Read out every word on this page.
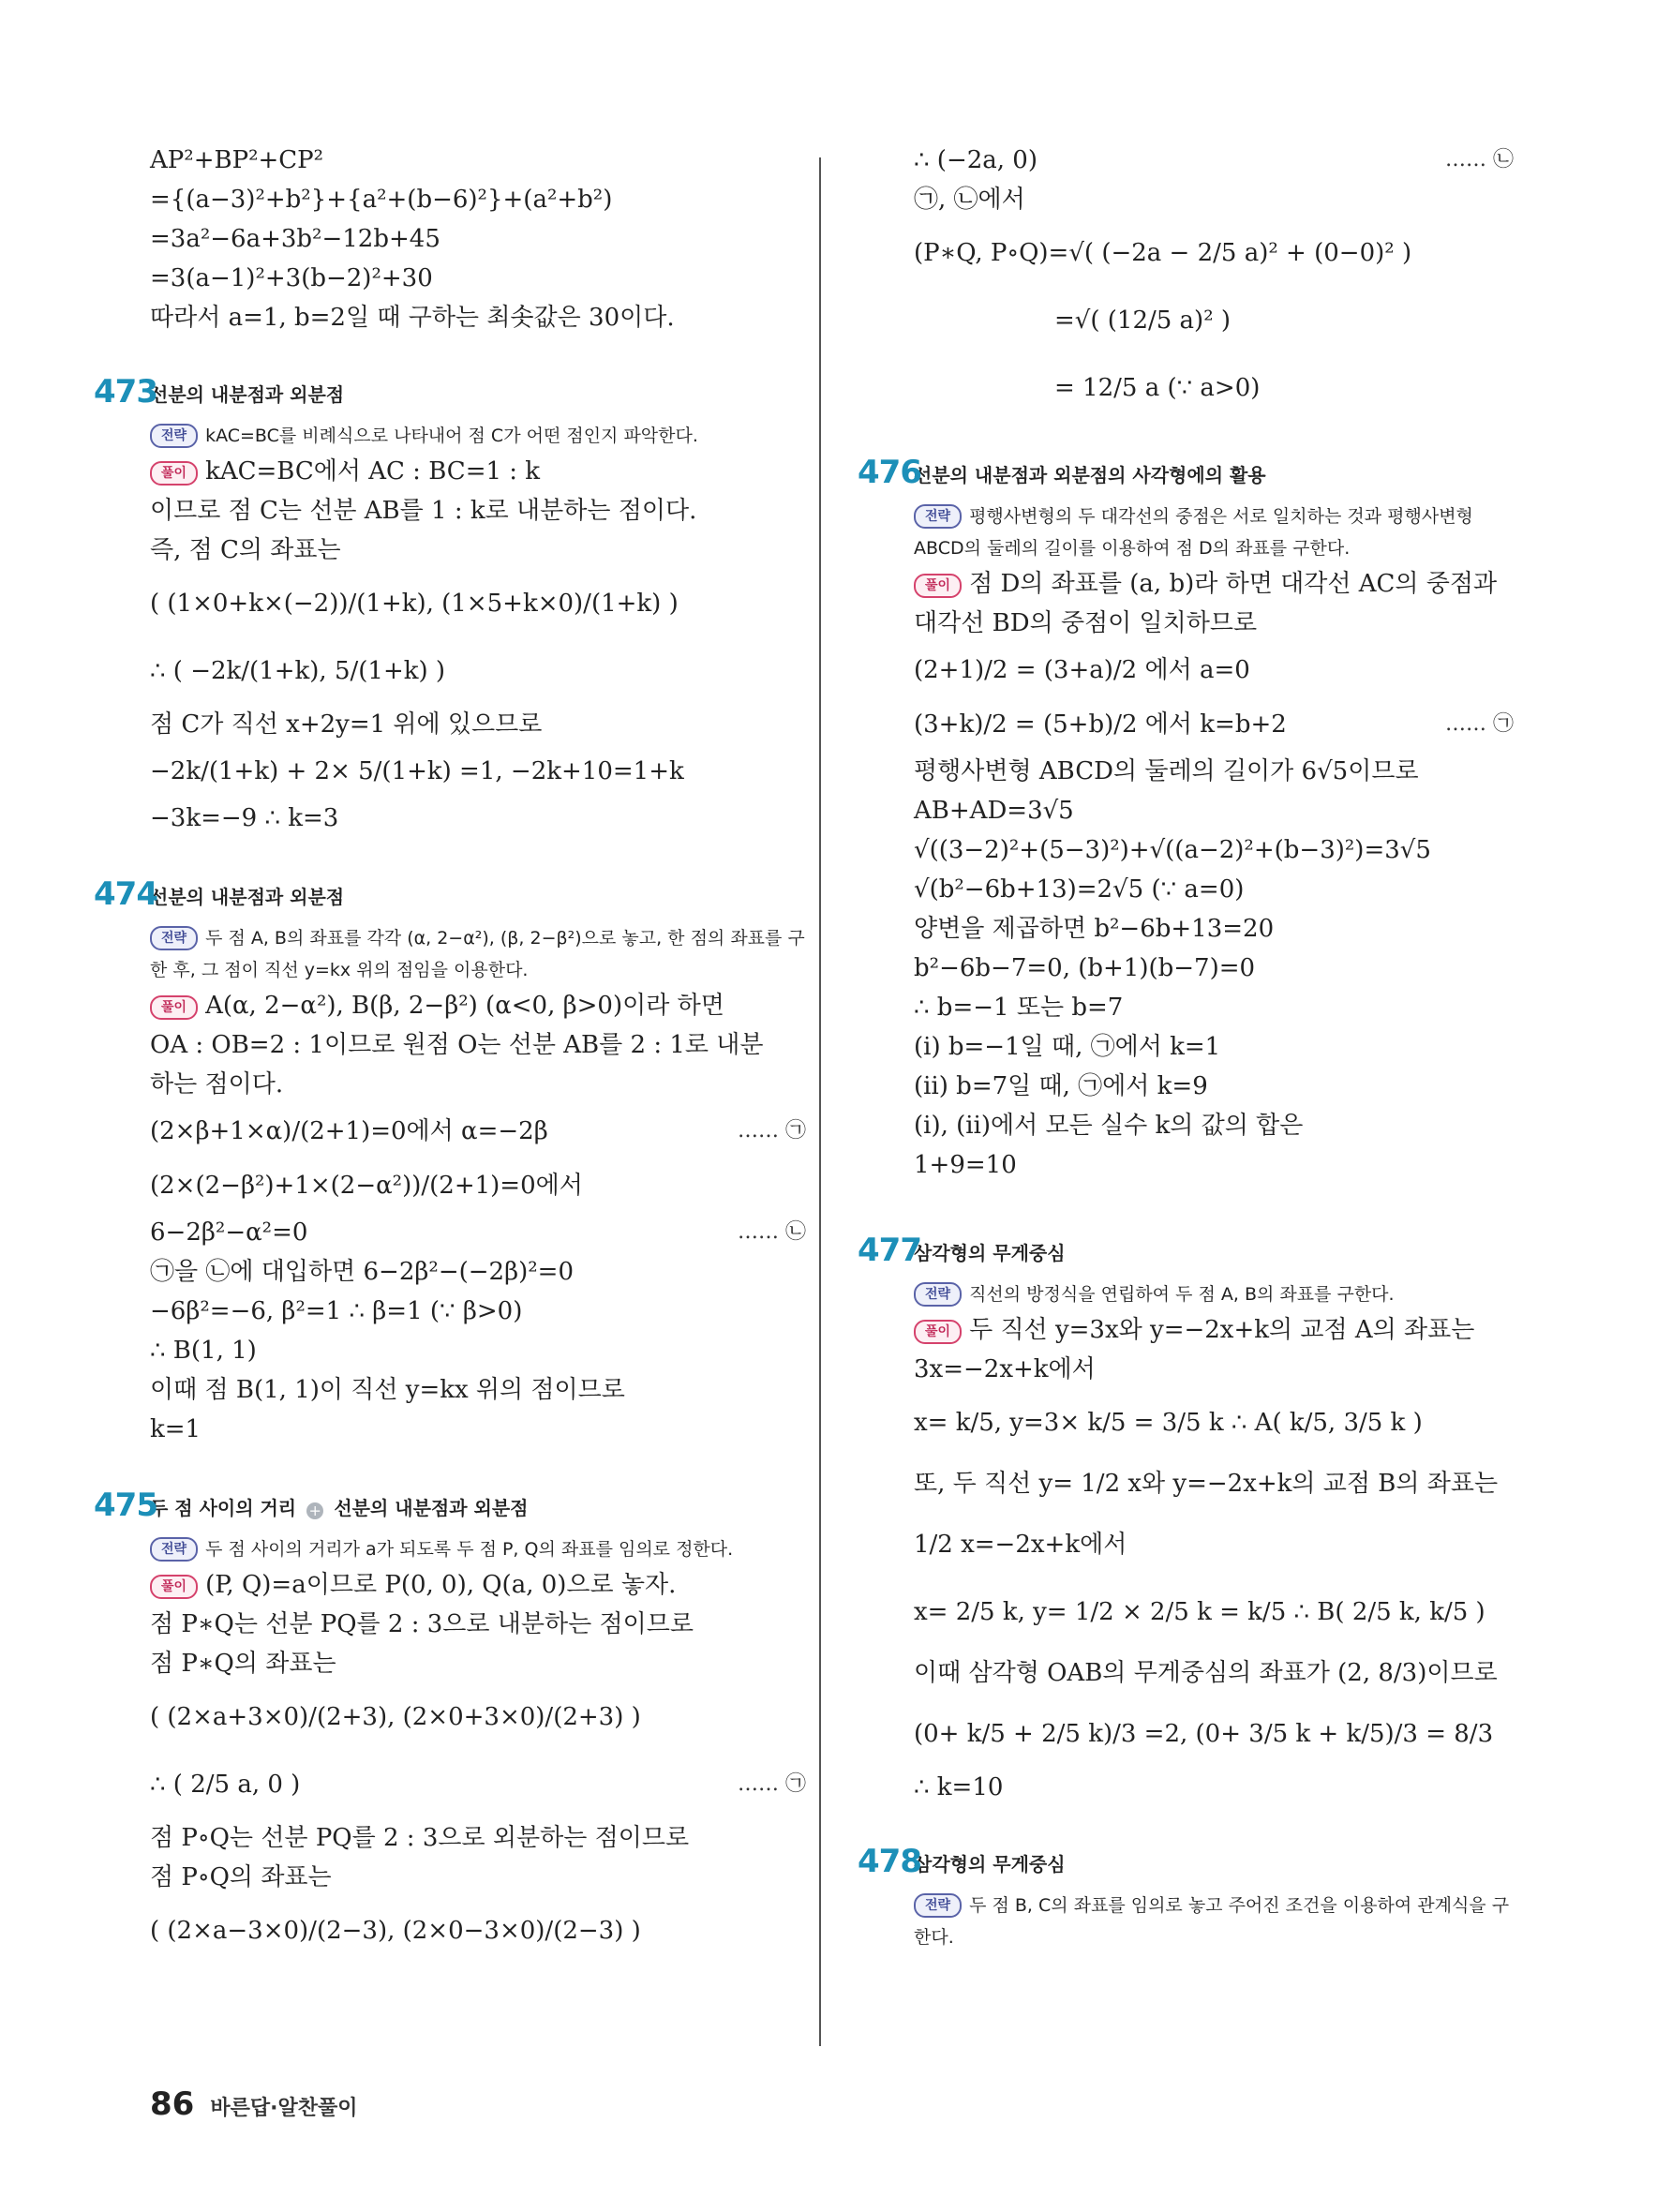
AP²+BP²+CP²
={(a−3)²+b²}+{a²+(b−6)²}+(a²+b²)
=3a²−6a+3b²−12b+45
=3(a−1)²+3(b−2)²+30
따라서 a=1, b=2일 때 구하는 최솟값은 30이다.
473
선분의 내분점과 외분점
전략 kAC=BC를 비례식으로 나타내어 점 C가 어떤 점인지 파악한다.
풀이 kAC=BC에서 AC : BC=1 : k
이므로 점 C는 선분 AB를 1 : k로 내분하는 점이다.
즉, 점 C의 좌표는
( (1×0+k×(−2))/(1+k), (1×5+k×0)/(1+k) )
∴ ( −2k/(1+k), 5/(1+k) )
점 C가 직선 x+2y=1 위에 있으므로
−2k/(1+k) + 2× 5/(1+k) =1, −2k+10=1+k
−3k=−9 ∴ k=3
474
선분의 내분점과 외분점
전략 두 점 A, B의 좌표를 각각 (α, 2−α²), (β, 2−β²)으로 놓고, 한 점의 좌표를 구한 후, 그 점이 직선 y=kx 위의 점임을 이용한다.
풀이 A(α, 2−α²), B(β, 2−β²) (α<0, β>0)이라 하면
OA : OB=2 : 1이므로 원점 O는 선분 AB를 2 : 1로 내분
하는 점이다.
(2×β+1×α)/(2+1)=0에서 α=−2β	…… ㉠
(2×(2−β²)+1×(2−α²))/(2+1)=0에서
6−2β²−α²=0	…… ㉡
㉠을 ㉡에 대입하면 6−2β²−(−2β)²=0
−6β²=−6, β²=1 ∴ β=1 (∵ β>0)
∴ B(1, 1)
이때 점 B(1, 1)이 직선 y=kx 위의 점이므로
k=1
475
두 점 사이의 거리 + 선분의 내분점과 외분점
전략 두 점 사이의 거리가 a가 되도록 두 점 P, Q의 좌표를 임의로 정한다.
풀이 (P, Q)=a이므로 P(0, 0), Q(a, 0)으로 놓자.
점 P∗Q는 선분 PQ를 2 : 3으로 내분하는 점이므로
점 P∗Q의 좌표는
( (2×a+3×0)/(2+3), (2×0+3×0)/(2+3) )
∴ ( 2/5 a, 0 )	…… ㉠
점 P∘Q는 선분 PQ를 2 : 3으로 외분하는 점이므로
점 P∘Q의 좌표는
( (2×a−3×0)/(2−3), (2×0−3×0)/(2−3) )
∴ (−2a, 0)	…… ㉡
㉠, ㉡에서
(P∗Q, P∘Q)=√( (−2a − 2/5 a)² + (0−0)² )
=√( (12/5 a)² )
= 12/5 a (∵ a>0)
476
선분의 내분점과 외분점의 사각형에의 활용
전략 평행사변형의 두 대각선의 중점은 서로 일치하는 것과 평행사변형 ABCD의 둘레의 길이를 이용하여 점 D의 좌표를 구한다.
풀이 점 D의 좌표를 (a, b)라 하면 대각선 AC의 중점과
대각선 BD의 중점이 일치하므로
(2+1)/2 = (3+a)/2 에서 a=0
(3+k)/2 = (5+b)/2 에서 k=b+2	…… ㉠
평행사변형 ABCD의 둘레의 길이가 6√5이므로
AB+AD=3√5
√((3−2)²+(5−3)²)+√((a−2)²+(b−3)²)=3√5
√(b²−6b+13)=2√5 (∵ a=0)
양변을 제곱하면 b²−6b+13=20
b²−6b−7=0, (b+1)(b−7)=0
∴ b=−1 또는 b=7
(ⅰ) b=−1일 때, ㉠에서 k=1
(ⅱ) b=7일 때, ㉠에서 k=9
(ⅰ), (ⅱ)에서 모든 실수 k의 값의 합은
1+9=10
477
삼각형의 무게중심
전략 직선의 방정식을 연립하여 두 점 A, B의 좌표를 구한다.
풀이 두 직선 y=3x와 y=−2x+k의 교점 A의 좌표는
3x=−2x+k에서
x= k/5, y=3× k/5 = 3/5 k ∴ A( k/5, 3/5 k )
또, 두 직선 y= 1/2 x와 y=−2x+k의 교점 B의 좌표는
1/2 x=−2x+k에서
x= 2/5 k, y= 1/2 × 2/5 k = k/5 ∴ B( 2/5 k, k/5 )
이때 삼각형 OAB의 무게중심의 좌표가 (2, 8/3)이므로
(0+ k/5 + 2/5 k)/3 =2, (0+ 3/5 k + k/5)/3 = 8/3
∴ k=10
478
삼각형의 무게중심
전략 두 점 B, C의 좌표를 임의로 놓고 주어진 조건을 이용하여 관계식을 구한다.
86 바른답·알찬풀이
